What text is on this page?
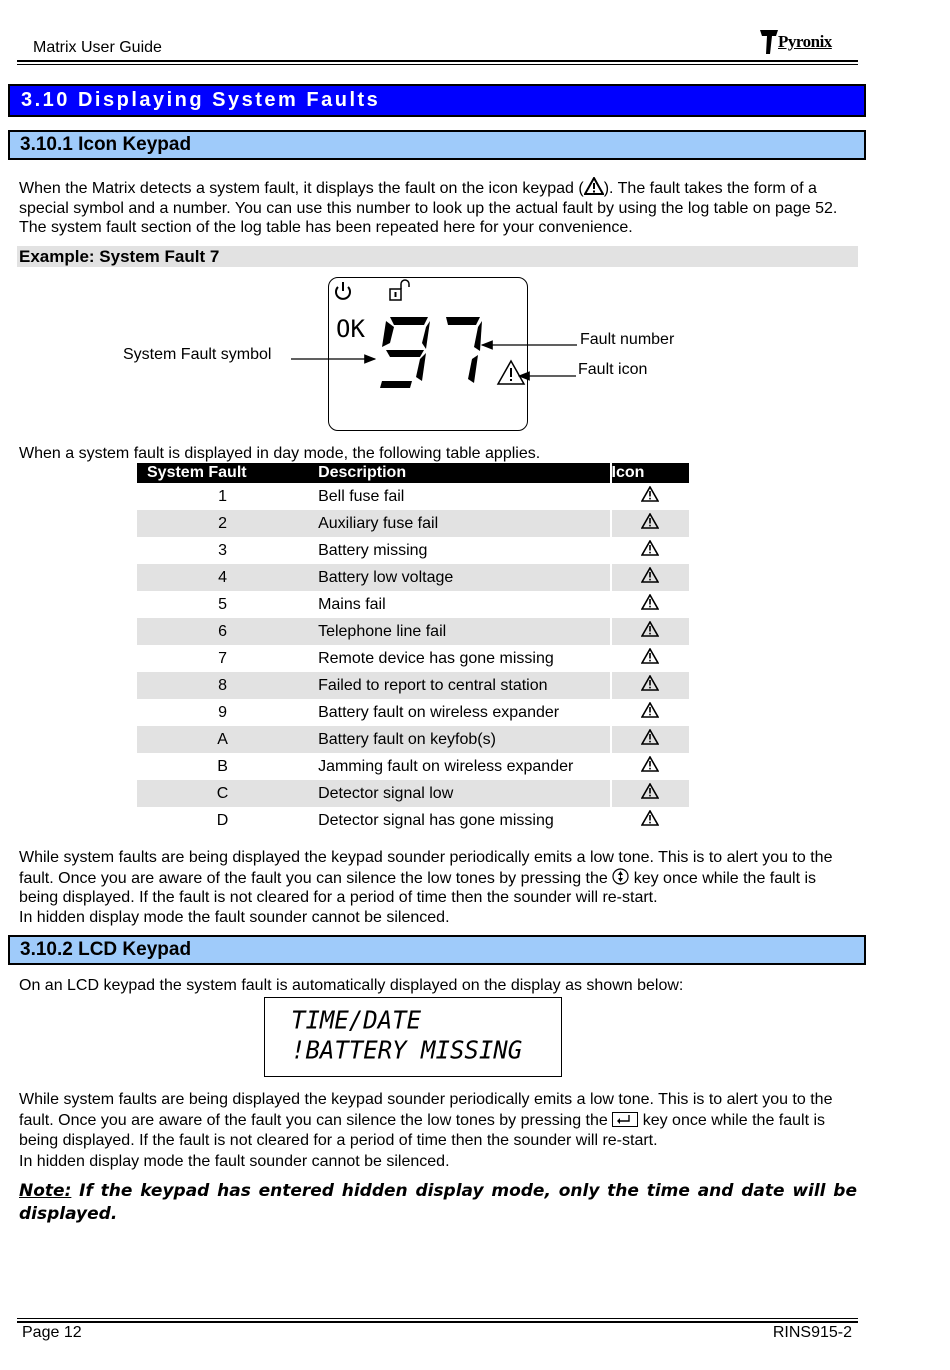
Matrix User Guide	Pyronix
3.10 Displaying System Faults
3.10.1 Icon Keypad
When the Matrix detects a system fault, it displays the fault on the icon keypad ( ). The fault takes the form of a special symbol and a number. You can use this number to look up the actual fault by using the log table on page 52. The system fault section of the log table has been repeated here for your convenience.
Example: System Fault 7
OK
System Fault symbol
Fault number
Fault icon
When a system fault is displayed in day mode, the following table applies.
System Fault	Description	Icon
1	Bell fuse fail	
2	Auxiliary fuse fail	
3	Battery missing	
4	Battery low voltage	
5	Mains fail	
6	Telephone line fail	
7	Remote device has gone missing	
8	Failed to report to central station	
9	Battery fault on wireless expander	
A	Battery fault on keyfob(s)	
B	Jamming fault on wireless expander	
C	Detector signal low	
D	Detector signal has gone missing	
While system faults are being displayed the keypad sounder periodically emits a low tone. This is to alert you to the fault. Once you are aware of the fault you can silence the low tones by pressing the key once while the fault is being displayed. If the fault is not cleared for a period of time then the sounder will re-start.

In hidden display mode the fault sounder cannot be silenced.

3.10.2 LCD Keypad
On an LCD keypad the system fault is automatically displayed on the display as shown below:
TIME/DATE
!BATTERY MISSING
While system faults are being displayed the keypad sounder periodically emits a low tone. This is to alert you to the fault. Once you are aware of the fault you can silence the low tones by pressing the key once while the fault is being displayed. If the fault is not cleared for a period of time then the sounder will re-start.

In hidden display mode the fault sounder cannot be silenced.

Note: If the keypad has entered hidden display mode, only the time and date will be displayed.
Page 12	RINS915-2
